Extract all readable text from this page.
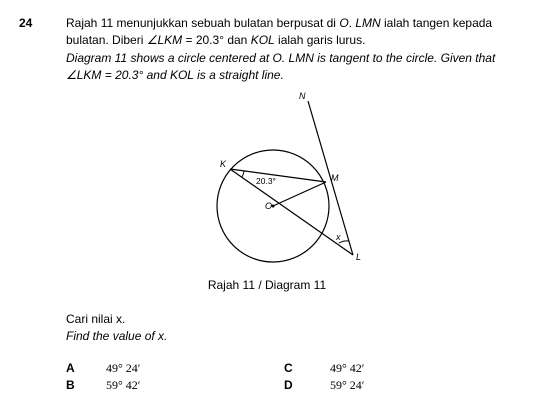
24	Rajah 11 menunjukkan sebuah bulatan berpusat di O. LMN ialah tangen kepada
bulatan. Diberi ∠LKM = 20.3° dan KOL ialah garis lurus.
Diagram 11 shows a circle centered at O. LMN is tangent to the circle. Given that
∠LKM = 20.3° and KOL is a straight line.
N
K
M
O
L
x
20.3°
Rajah 11 / Diagram 11
Cari nilai x.
Find the value of x.
A	49° 24′
B	59° 42′
C	49° 42′
D	59° 24′
